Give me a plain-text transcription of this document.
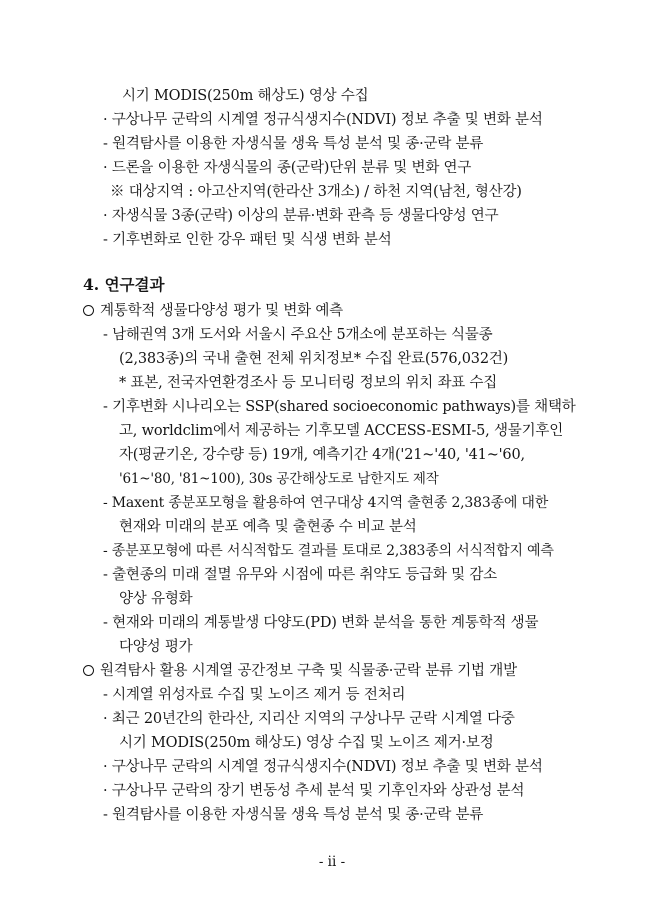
시기 MODIS(250m 해상도) 영상 수집
· 구상나무 군락의 시계열 정규식생지수(NDVI) 정보 추출 및 변화 분석
- 원격탐사를 이용한 자생식물 생육 특성 분석 및 종·군락 분류
· 드론을 이용한 자생식물의 종(군락)단위 분류 및 변화 연구
※ 대상지역 : 아고산지역(한라산 3개소) / 하천 지역(남천, 형산강)
· 자생식물 3종(군락) 이상의 분류·변화 관측 등 생물다양성 연구
- 기후변화로 인한 강우 패턴 및 식생 변화 분석
4. 연구결과
계통학적 생물다양성 평가 및 변화 예측
- 남해권역 3개 도서와 서울시 주요산 5개소에 분포하는 식물종
(2,383종)의 국내 출현 전체 위치정보* 수집 완료(576,032건)
* 표본, 전국자연환경조사 등 모니터링 정보의 위치 좌표 수집
- 기후변화 시나리오는 SSP(shared socioeconomic pathways)를 채택하
고, worldclim에서 제공하는 기후모델 ACCESS-ESMI-5, 생물기후인
자(평균기온, 강수량 등) 19개, 예측기간 4개('21~'40, '41~'60,
'61~'80, '81~100), 30s 공간해상도로 남한지도 제작
- Maxent 종분포모형을 활용하여 연구대상 4지역 출현종 2,383종에 대한
현재와 미래의 분포 예측 및 출현종 수 비교 분석
- 종분포모형에 따른 서식적합도 결과를 토대로 2,383종의 서식적합지 예측
- 출현종의 미래 절멸 유무와 시점에 따른 취약도 등급화 및 감소
양상 유형화
- 현재와 미래의 계통발생 다양도(PD) 변화 분석을 통한 계통학적 생물
다양성 평가
원격탐사 활용 시계열 공간정보 구축 및 식물종·군락 분류 기법 개발
- 시계열 위성자료 수집 및 노이즈 제거 등 전처리
· 최근 20년간의 한라산, 지리산 지역의 구상나무 군락 시계열 다중
시기 MODIS(250m 해상도) 영상 수집 및 노이즈 제거·보정
· 구상나무 군락의 시계열 정규식생지수(NDVI) 정보 추출 및 변화 분석
· 구상나무 군락의 장기 변동성 추세 분석 및 기후인자와 상관성 분석
- 원격탐사를 이용한 자생식물 생육 특성 분석 및 종·군락 분류
- ii -
